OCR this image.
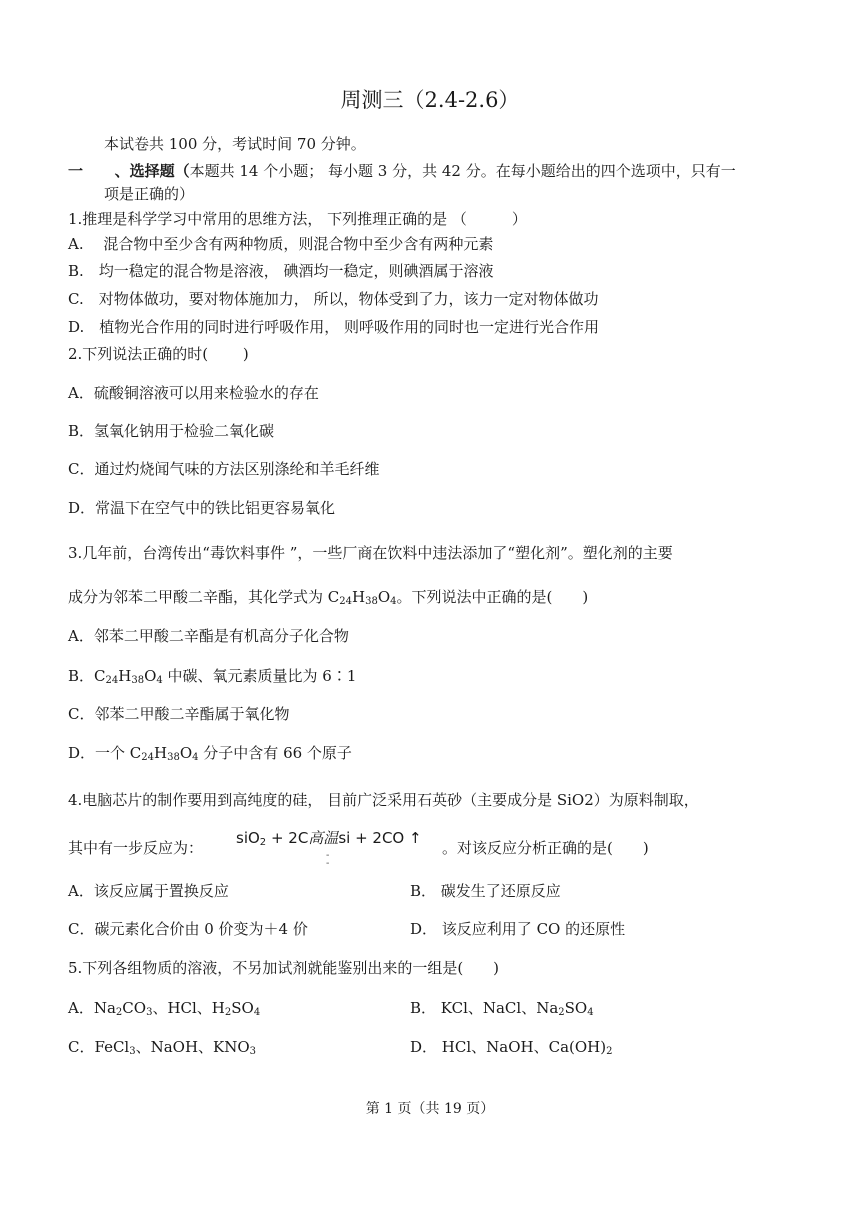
周测三（2.4-2.6）
本试卷共 100 分，考试时间 70 分钟。
一 、选择题（本题共 14 个小题； 每小题 3 分，共 42 分。在每小题给出的四个选项中，只有一
项是正确的）
1.推理是科学学习中常用的思维方法， 下列推理正确的是 （　　　）
A.　 混合物中至少含有两种物质，则混合物中至少含有两种元素
B.　均一稳定的混合物是溶液， 碘酒均一稳定，则碘酒属于溶液
C.　对物体做功，要对物体施加力， 所以，物体受到了力，该力一定对物体做功
D.　植物光合作用的同时进行呼吸作用， 则呼吸作用的同时也一定进行光合作用
2.下列说法正确的时(　　 )
A．硫酸铜溶液可以用来检验水的存在
B．氢氧化钠用于检验二氧化碳
C．通过灼烧闻气味的方法区别涤纶和羊毛纤维
D．常温下在空气中的铁比铝更容易氧化
3.几年前，台湾传出“毒饮料事件 ”，一些厂商在饮料中违法添加了“塑化剂”。塑化剂的主要
成分为邻苯二甲酸二辛酯，其化学式为 $C_{24}H_{38}O_4$。下列说法中正确的是(　　)
A．邻苯二甲酸二辛酯是有机高分子化合物
B．$C_{24}H_{38}O_4$ 中碳、氧元素质量比为 6∶1
C．邻苯二甲酸二辛酯属于氧化物
D．一个 $C_{24}H_{38}O_4$ 分子中含有 66 个原子
4.电脑芯片的制作要用到高纯度的硅， 目前广泛采用石英砂（主要成分是 SiO2）为原料制取，
其中有一步反应为：
siO$_2$ + 2C高温si + 2CO ↑
-
-
。对该反应分析正确的是(　　)
A．该反应属于置换反应	B． 碳发生了还原反应
C．碳元素化合价由 0 价变为＋4 价	D． 该反应利用了 CO 的还原性
5.下列各组物质的溶液，不另加试剂就能鉴别出来的一组是(　　)
A．$Na_2CO_3$、HCl、$H_2SO_4$	B． KCl、NaCl、$Na_2SO_4$
C．FeCl$_3$、NaOH、$KNO_3$	D． HCl、NaOH、$Ca(OH)_2$
第 1 页（共 19 页）
